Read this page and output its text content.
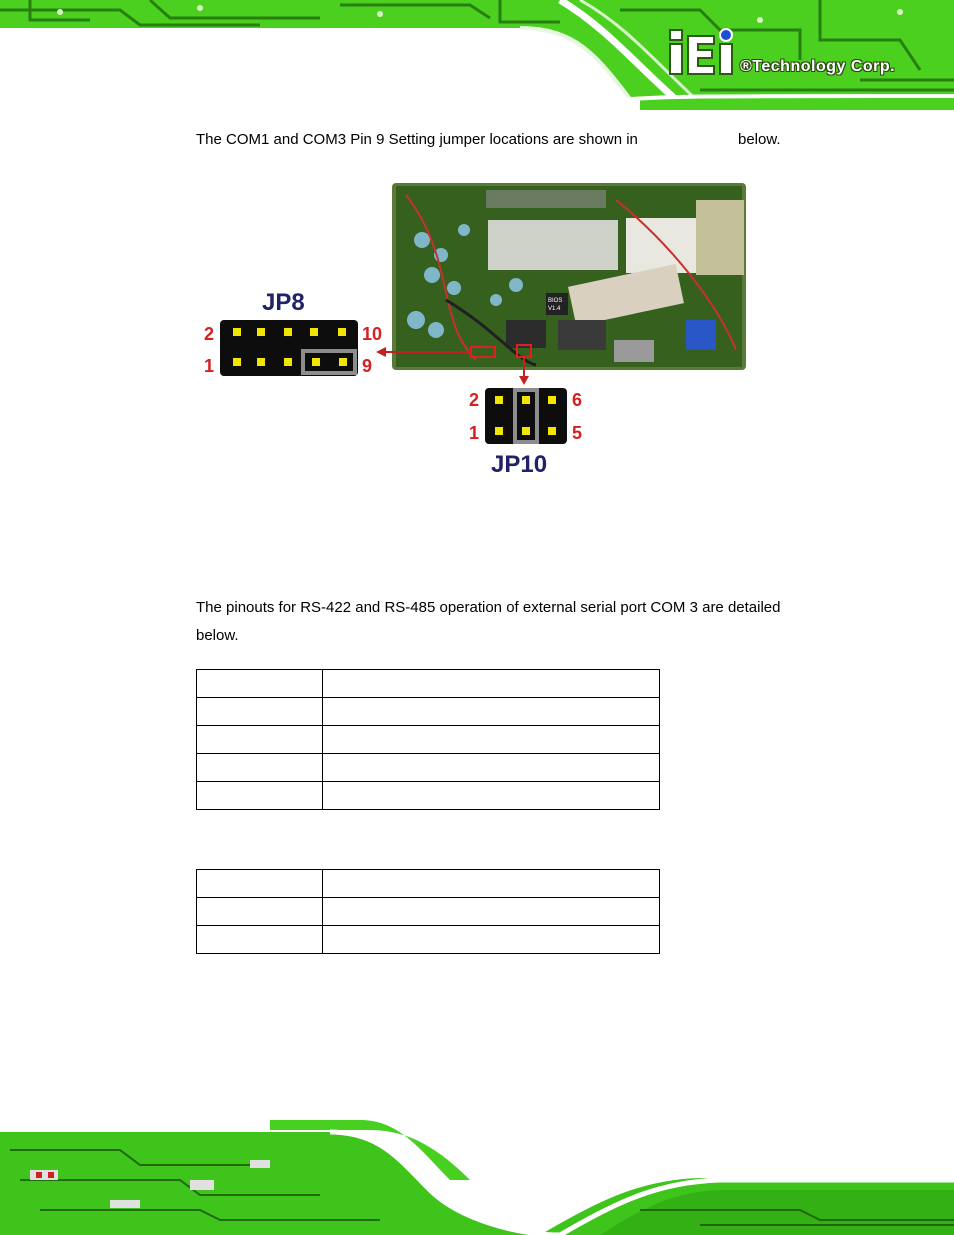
®Technology Corp.
The COM1 and COM3 Pin 9 Setting jumper locations are shown in	below.
BIOS
V1.4
JP8
2	10
1	9
2	6
1	5
JP10
The pinouts for RS-422 and RS-485 operation of external serial port COM 3 are detailed below.
